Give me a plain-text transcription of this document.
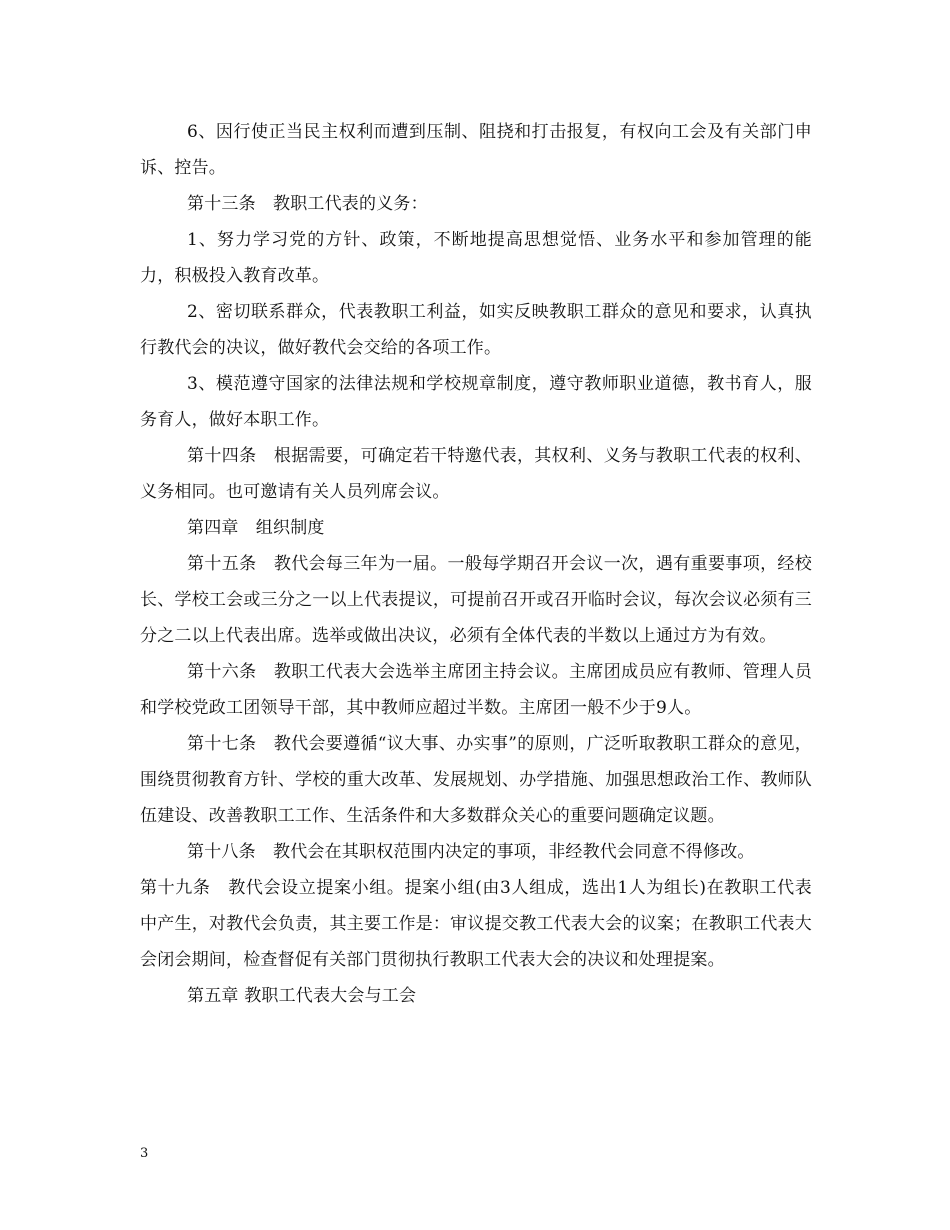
6、因行使正当民主权利而遭到压制、阻挠和打击报复，有权向工会及有关部门申诉、控告。

第十三条　教职工代表的义务：

1、努力学习党的方针、政策，不断地提高思想觉悟、业务水平和参加管理的能力，积极投入教育改革。

2、密切联系群众，代表教职工利益，如实反映教职工群众的意见和要求，认真执行教代会的决议，做好教代会交给的各项工作。

3、模范遵守国家的法律法规和学校规章制度，遵守教师职业道德，教书育人，服务育人，做好本职工作。

第十四条　根据需要，可确定若干特邀代表，其权利、义务与教职工代表的权利、义务相同。也可邀请有关人员列席会议。

第四章　组织制度

第十五条　教代会每三年为一届。一般每学期召开会议一次，遇有重要事项，经校长、学校工会或三分之一以上代表提议，可提前召开或召开临时会议，每次会议必须有三分之二以上代表出席。选举或做出决议，必须有全体代表的半数以上通过方为有效。

第十六条　教职工代表大会选举主席团主持会议。主席团成员应有教师、管理人员和学校党政工团领导干部，其中教师应超过半数。主席团一般不少于9人。

第十七条　教代会要遵循“议大事、办实事”的原则，广泛听取教职工群众的意见，围绕贯彻教育方针、学校的重大改革、发展规划、办学措施、加强思想政治工作、教师队伍建设、改善教职工工作、生活条件和大多数群众关心的重要问题确定议题。

第十八条　教代会在其职权范围内决定的事项，非经教代会同意不得修改。

第十九条　教代会设立提案小组。提案小组(由3人组成，选出1人为组长)在教职工代表中产生，对教代会负责，其主要工作是：审议提交教工代表大会的议案；在教职工代表大会闭会期间，检查督促有关部门贯彻执行教职工代表大会的决议和处理提案。

第五章 教职工代表大会与工会

3
